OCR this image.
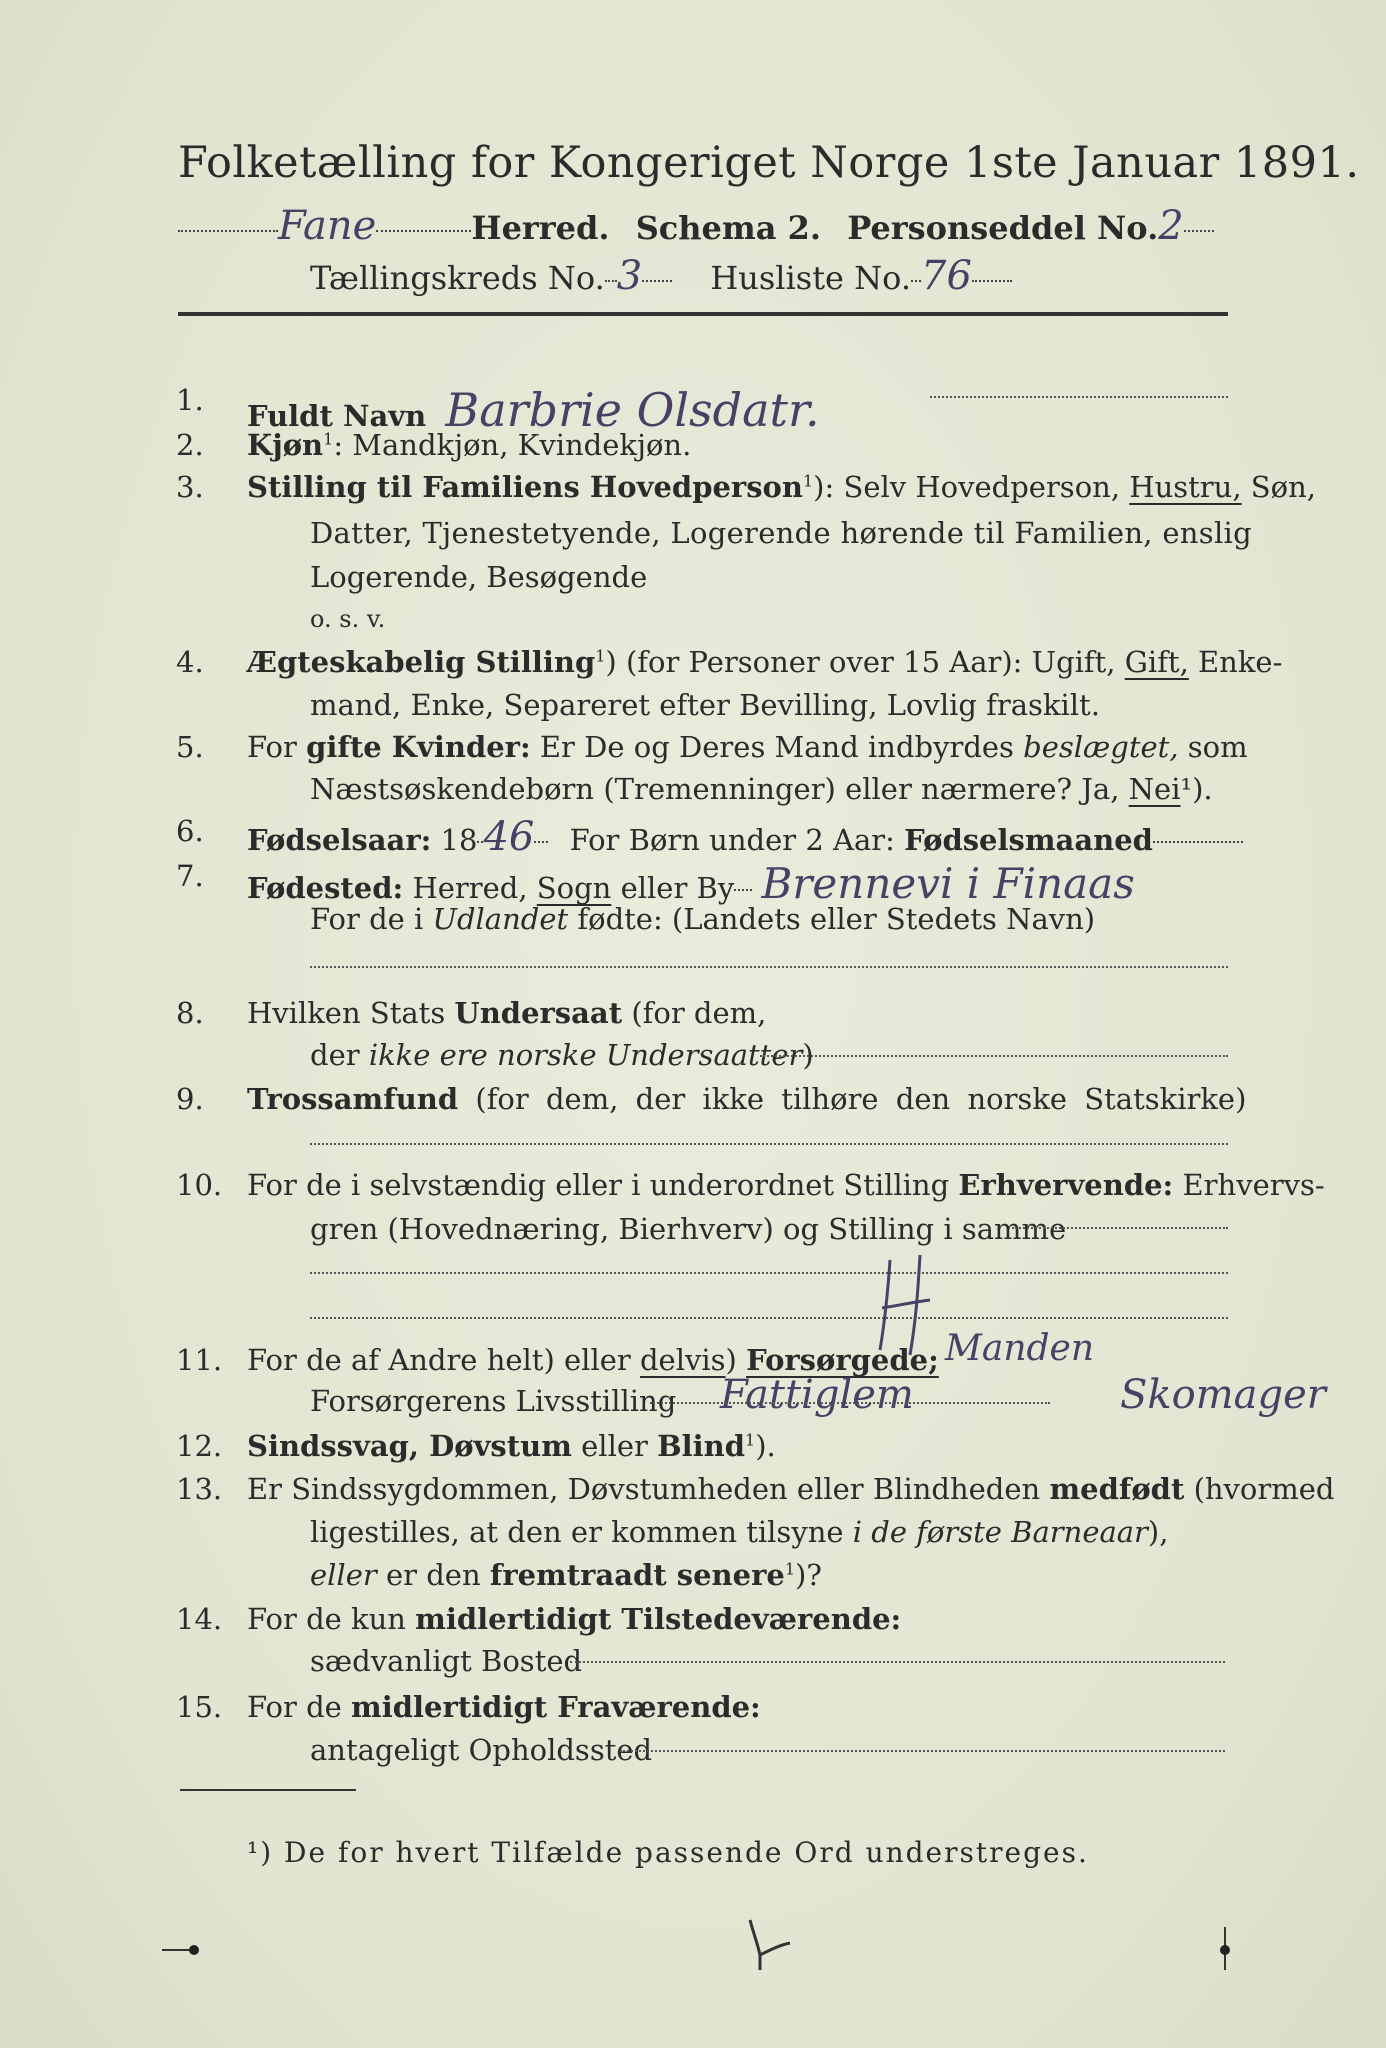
Folketælling for Kongeriget Norge 1ste Januar 1891.
Fane	Herred. Schema 2. Personseddel No.2
Tællingskreds No. 3 Husliste No. 76
1.	Fuldt Navn Barbrie Olsdatr.
2.	Kjøn$^1$: Mandkjøn, Kvindekjøn.
3.	Stilling til Familiens Hovedperson$^1$): Selv Hovedperson, Hustru, Søn,
Datter, Tjenestetyende, Logerende hørende til Familien, enslig
Logerende, Besøgende
o. s. v.
4.	Ægteskabelig Stilling$^1$) (for Personer over 15 Aar): Ugift, Gift, Enke-
mand, Enke, Separeret efter Bevilling, Lovlig fraskilt.
5.	For gifte Kvinder: Er De og Deres Mand indbyrdes beslægtet, som
Næstsøskendebørn (Tremenninger) eller nærmere? Ja, Nei¹).
6.	Fødselsaar: 18 46 For Børn under 2 Aar: Fødselsmaaned
7.	Fødested: Herred, Sogn eller By Brennevi i Finaas
For de i Udlandet fødte: (Landets eller Stedets Navn)
8.	Hvilken Stats Undersaat (for dem,
der ikke ere norske Undersaatter)
9.	Trossamfund (for dem, der ikke tilhøre den norske Statskirke)
10. For de i selvstændig eller i underordnet Stilling Erhvervende: Erhvervs-
gren (Hovednæring, Bierhverv) og Stilling i samme
11. For de af Andre helt) eller delvis) Forsørgede; Manden
Forsørgerens Livsstilling Fattiglem	Skomager
12. Sindssvag, Døvstum eller Blind$^1$).
13. Er Sindssygdommen, Døvstumheden eller Blindheden medfødt (hvormed
ligestilles, at den er kommen tilsyne i de første Barneaar),
eller er den fremtraadt senere$^1$)?
14. For de kun midlertidigt Tilstedeværende:
sædvanligt Bosted
15. For de midlertidigt Fraværende:
antageligt Opholdssted
¹) De for hvert Tilfælde passende Ord understreges.
